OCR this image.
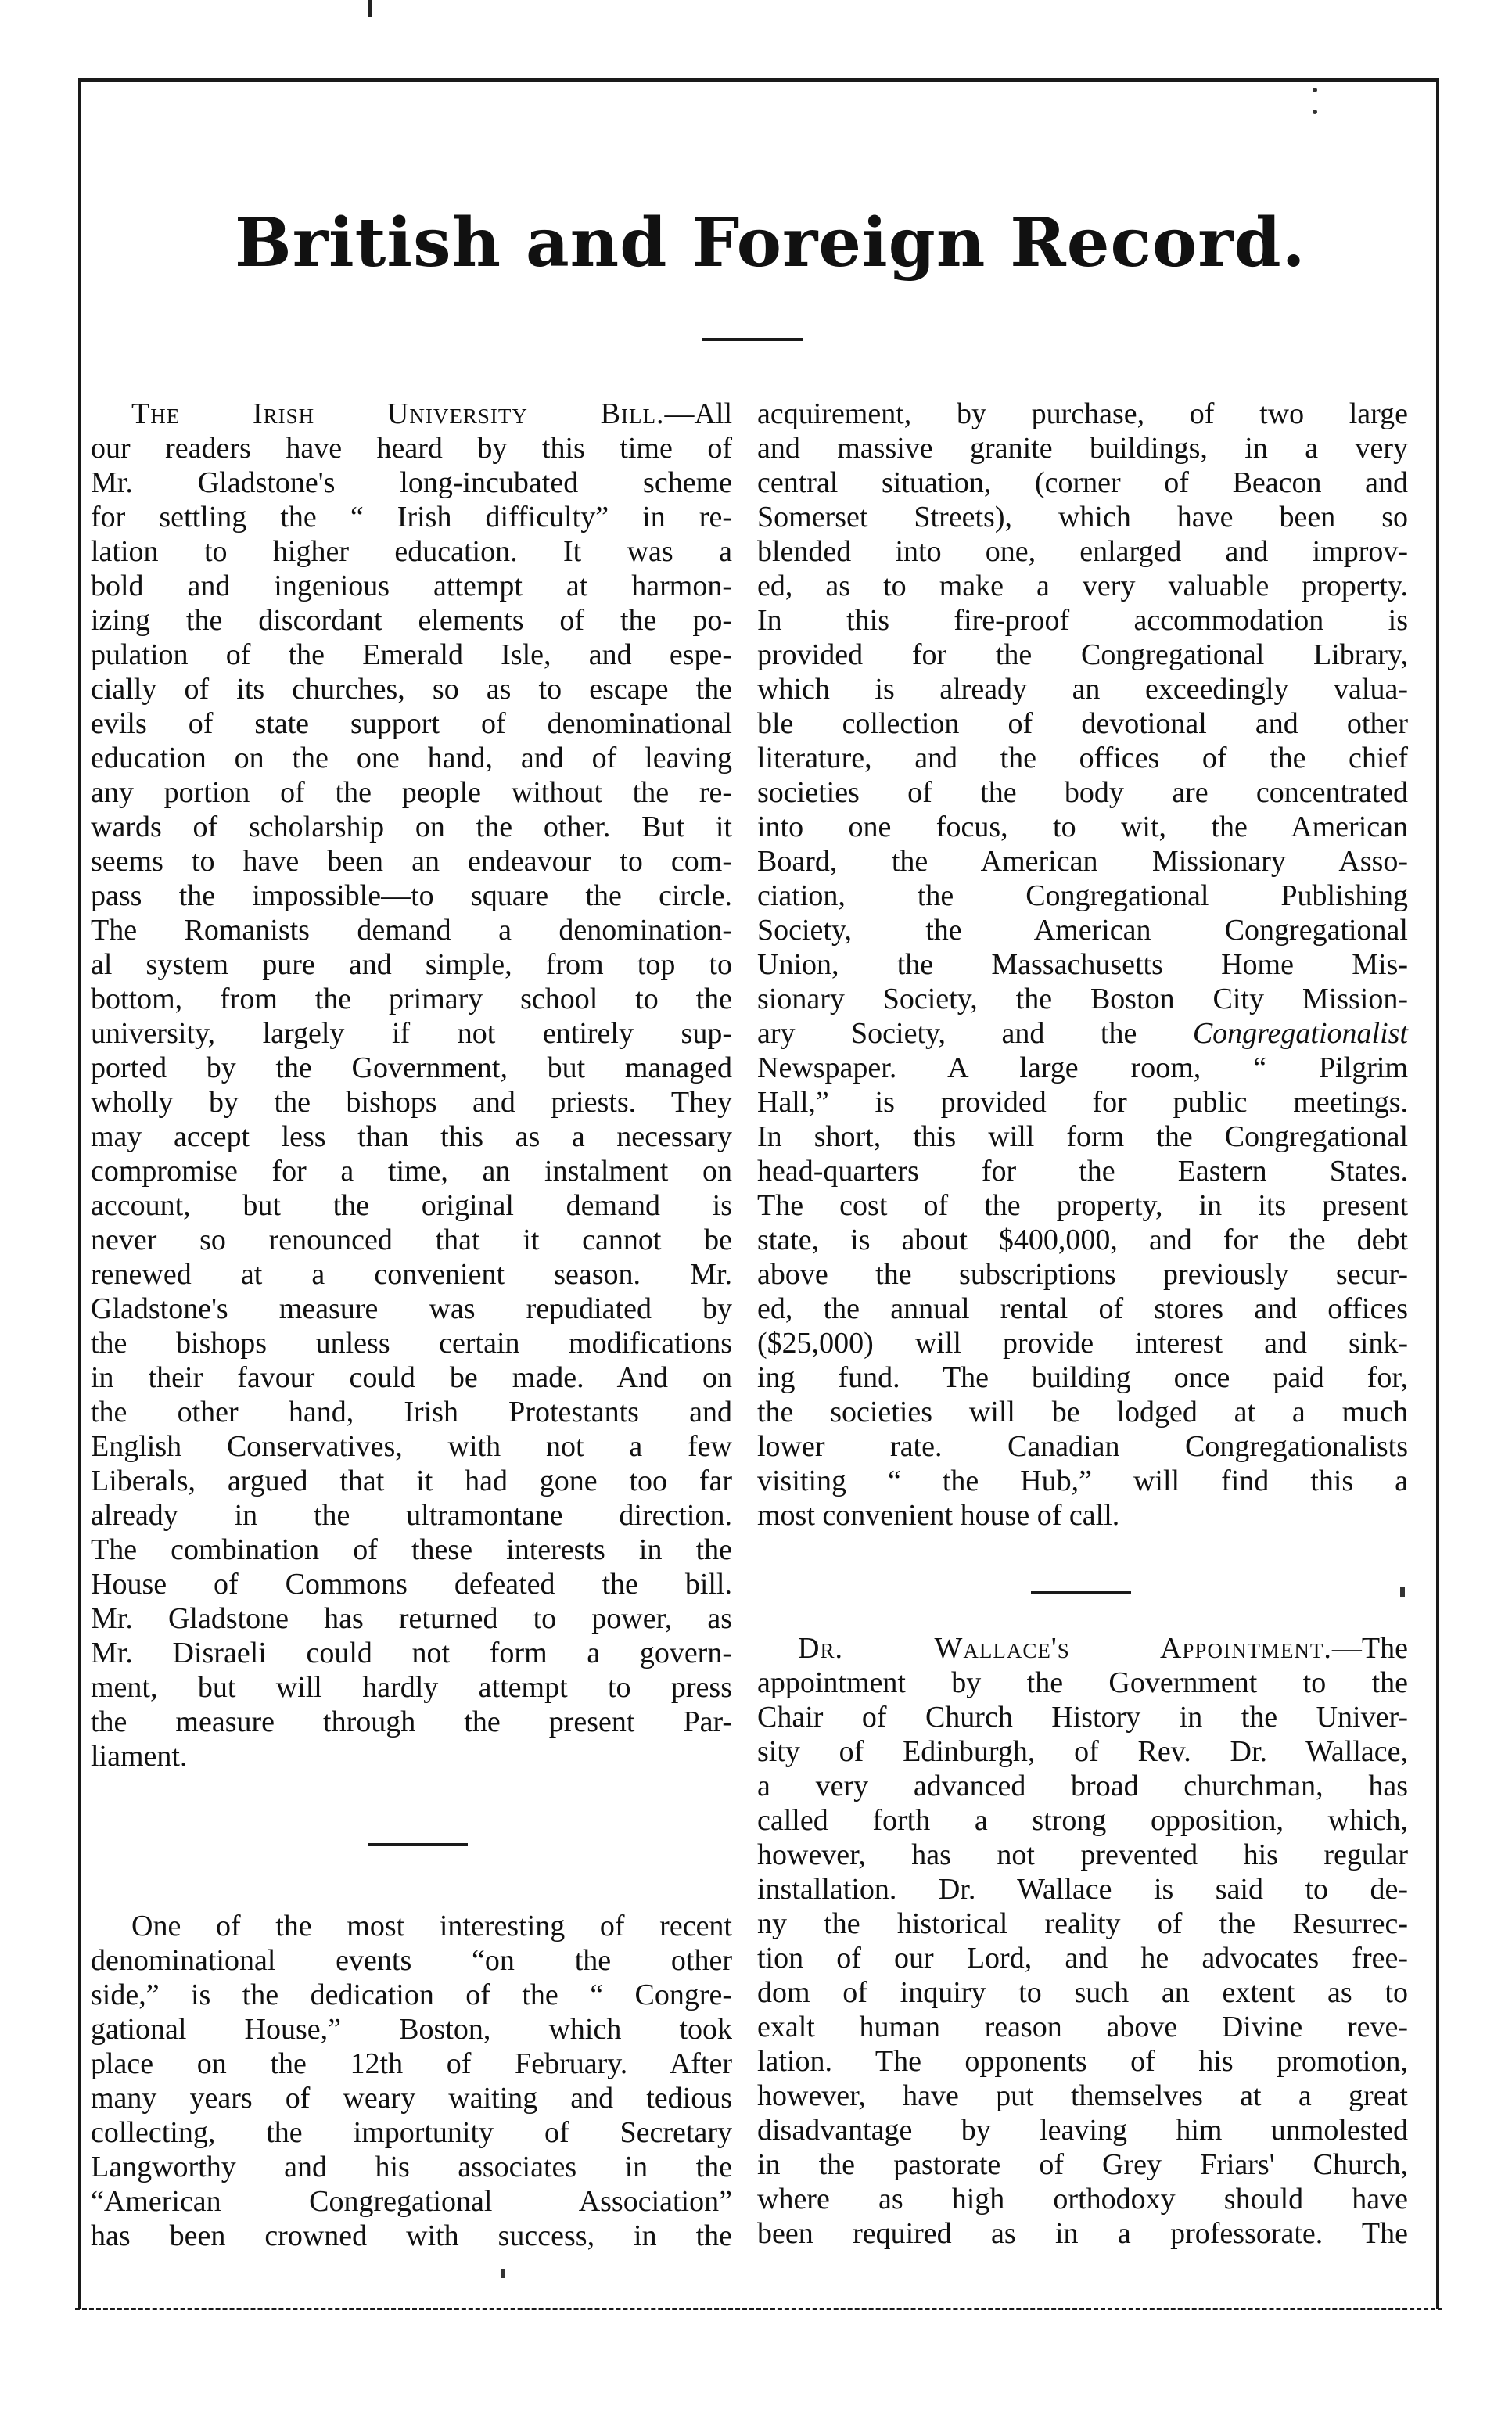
British and Foreign Record.
The Irish University Bill.—All
our readers have heard by this time of
Mr. Gladstone's long-incubated scheme
for settling the “ Irish difficulty” in re-
lation to higher education. It was a
bold and ingenious attempt at harmon-
izing the discordant elements of the po-
pulation of the Emerald Isle, and espe-
cially of its churches, so as to escape the
evils of state support of denominational
education on the one hand, and of leaving
any portion of the people without the re-
wards of scholarship on the other. But it
seems to have been an endeavour to com-
pass the impossible—to square the circle.
The Romanists demand a denomination-
al system pure and simple, from top to
bottom, from the primary school to the
university, largely if not entirely sup-
ported by the Government, but managed
wholly by the bishops and priests. They
may accept less than this as a necessary
compromise for a time, an instalment on
account, but the original demand is
never so renounced that it cannot be
renewed at a convenient season. Mr.
Gladstone's measure was repudiated by
the bishops unless certain modifications
in their favour could be made. And on
the other hand, Irish Protestants and
English Conservatives, with not a few
Liberals, argued that it had gone too far
already in the ultramontane direction.
The combination of these interests in the
House of Commons defeated the bill.
Mr. Gladstone has returned to power, as
Mr. Disraeli could not form a govern-
ment, but will hardly attempt to press
the measure through the present Par-
liament.
One of the most interesting of recent
denominational events “on the other
side,” is the dedication of the “ Congre-
gational House,” Boston, which took
place on the 12th of February. After
many years of weary waiting and tedious
collecting, the importunity of Secretary
Langworthy and his associates in the
“American Congregational Association”
has been crowned with success, in the
acquirement, by purchase, of two large
and massive granite buildings, in a very
central situation, (corner of Beacon and
Somerset Streets), which have been so
blended into one, enlarged and improv-
ed, as to make a very valuable property.
In this fire-proof accommodation is
provided for the Congregational Library,
which is already an exceedingly valua-
ble collection of devotional and other
literature, and the offices of the chief
societies of the body are concentrated
into one focus, to wit, the American
Board, the American Missionary Asso-
ciation, the Congregational Publishing
Society, the American Congregational
Union, the Massachusetts Home Mis-
sionary Society, the Boston City Mission-
ary Society, and the Congregationalist
Newspaper. A large room, “ Pilgrim
Hall,” is provided for public meetings.
In short, this will form the Congregational
head-quarters for the Eastern States.
The cost of the property, in its present
state, is about $400,000, and for the debt
above the subscriptions previously secur-
ed, the annual rental of stores and offices
($25,000) will provide interest and sink-
ing fund. The building once paid for,
the societies will be lodged at a much
lower rate. Canadian Congregationalists
visiting “ the Hub,” will find this a
most convenient house of call.
Dr. Wallace's Appointment.—The
appointment by the Government to the
Chair of Church History in the Univer-
sity of Edinburgh, of Rev. Dr. Wallace,
a very advanced broad churchman, has
called forth a strong opposition, which,
however, has not prevented his regular
installation. Dr. Wallace is said to de-
ny the historical reality of the Resurrec-
tion of our Lord, and he advocates free-
dom of inquiry to such an extent as to
exalt human reason above Divine reve-
lation. The opponents of his promotion,
however, have put themselves at a great
disadvantage by leaving him unmolested
in the pastorate of Grey Friars' Church,
where as high orthodoxy should have
been required as in a professorate. The
